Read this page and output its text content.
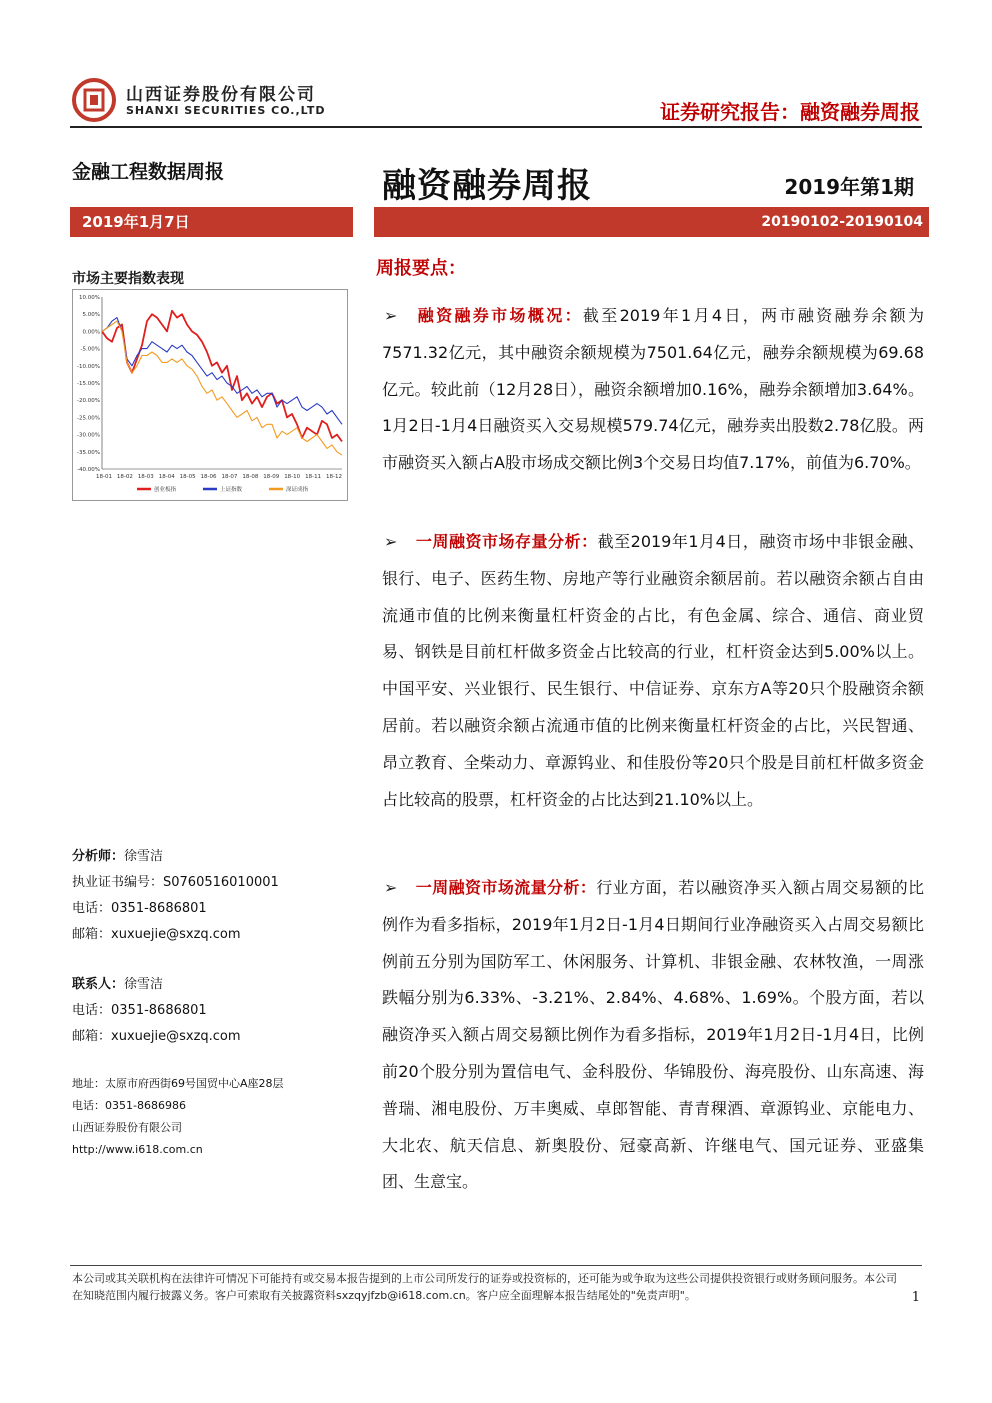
山西证券股份有限公司
SHANXI SECURITIES CO.,LTD	证券研究报告：融资融券周报
金融工程数据周报	融资融券周报	2019年第1期
2019年1月7日	20190102-20190104
市场主要指数表现
10.00%
5.00%
0.00%
-5.00%
-10.00%
-15.00%
-20.00%
-25.00%
-30.00%
-35.00%
-40.00%
18-01 18-02 18-03 18-04 18-05 18-06 18-07 18-08 18-09 18-10 18-11 18-12
创业板指	上证指数	深证成指
周报要点：
➢ 融资融券市场概况：截至2019年1月4日，两市融资融券余额为7571.32亿元，其中融资余额规模为7501.64亿元，融券余额规模为69.68亿元。较此前（12月28日），融资余额增加0.16%，融券余额增加3.64%。1月2日-1月4日融资买入交易规模579.74亿元，融券卖出股数2.78亿股。两市融资买入额占A股市场成交额比例3个交易日均值7.17%，前值为6.70%。
➢ 一周融资市场存量分析：截至2019年1月4日，融资市场中非银金融、银行、电子、医药生物、房地产等行业融资余额居前。若以融资余额占自由流通市值的比例来衡量杠杆资金的占比，有色金属、综合、通信、商业贸易、钢铁是目前杠杆做多资金占比较高的行业，杠杆资金达到5.00%以上。中国平安、兴业银行、民生银行、中信证券、京东方A等20只个股融资余额居前。若以融资余额占流通市值的比例来衡量杠杆资金的占比，兴民智通、昂立教育、全柴动力、章源钨业、和佳股份等20只个股是目前杠杆做多资金占比较高的股票，杠杆资金的占比达到21.10%以上。
➢ 一周融资市场流量分析：行业方面，若以融资净买入额占周交易额的比例作为看多指标，2019年1月2日-1月4日期间行业净融资买入占周交易额比例前五分别为国防军工、休闲服务、计算机、非银金融、农林牧渔，一周涨跌幅分别为6.33%、-3.21%、2.84%、4.68%、1.69%。个股方面，若以融资净买入额占周交易额比例作为看多指标，2019年1月2日-1月4日，比例前20个股分别为置信电气、金科股份、华锦股份、海亮股份、山东高速、海普瑞、湘电股份、万丰奥威、卓郎智能、青青稞酒、章源钨业、京能电力、大北农、航天信息、新奥股份、冠豪高新、许继电气、国元证券、亚盛集团、生意宝。
分析师：徐雪洁
执业证书编号：S0760516010001
电话：0351-8686801
邮箱：xuxuejie@sxzq.com
联系人：徐雪洁
电话：0351-8686801
邮箱：xuxuejie@sxzq.com
地址：太原市府西街69号国贸中心A座28层
电话：0351-8686986
山西证券股份有限公司
http://www.i618.com.cn
本公司或其关联机构在法律许可情况下可能持有或交易本报告提到的上市公司所发行的证券或投资标的，还可能为或争取为这些公司提供投资银行或财务顾问服务。本公司在知晓范围内履行披露义务。客户可索取有关披露资料sxzqyjfzb@i618.com.cn。客户应全面理解本报告结尾处的"免责声明"。	1
